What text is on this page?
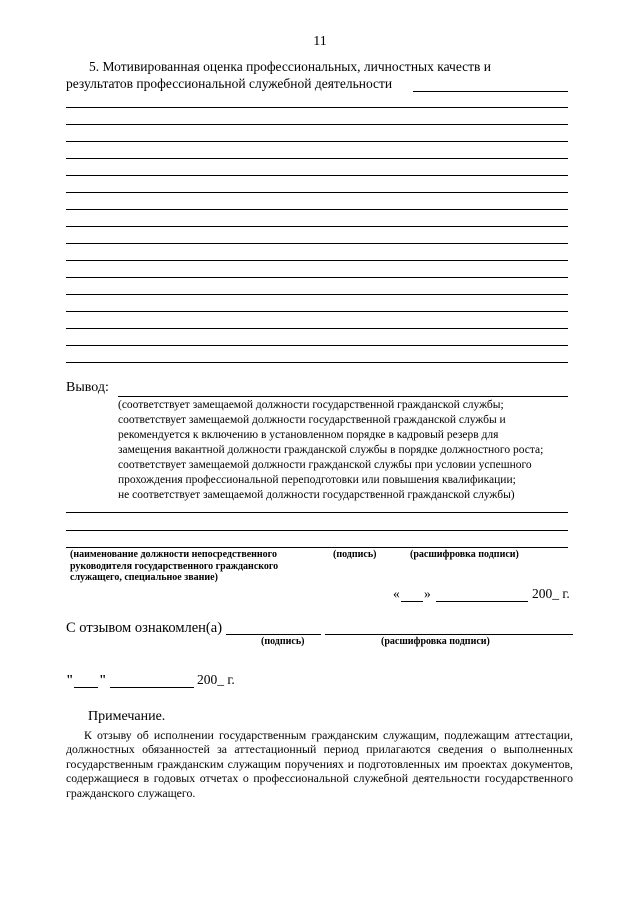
11
5. Мотивированная оценка профессиональных, личностных качеств и
результатов профессиональной служебной деятельности
Вывод:
(соответствует замещаемой должности государственной гражданской службы;
соответствует замещаемой должности государственной гражданской службы и
рекомендуется к включению в установленном порядке в кадровый резерв для
замещения вакантной должности гражданской службы в порядке должностного роста;
соответствует замещаемой должности гражданской службы при условии успешного
прохождения профессиональной переподготовки или повышения квалификации;
не соответствует замещаемой должности государственной гражданской службы)
(наименование должности непосредственного
руководителя государственного гражданского
служащего, специальное звание)
(подпись)	(расшифровка подписи)
« »	200_ г.
С отзывом ознакомлен(а)
(подпись)	(расшифровка подписи)
" "	200_ г.
Примечание.

К отзыву об исполнении государственным гражданским служащим, подлежащим аттестации, должностных обязанностей за аттестационный период прилагаются сведения о выполненных государственным гражданским служащим поручениях и подготовленных им проектах документов, содержащиеся в годовых отчетах о профессиональной служебной деятельности государственного гражданского служащего.
